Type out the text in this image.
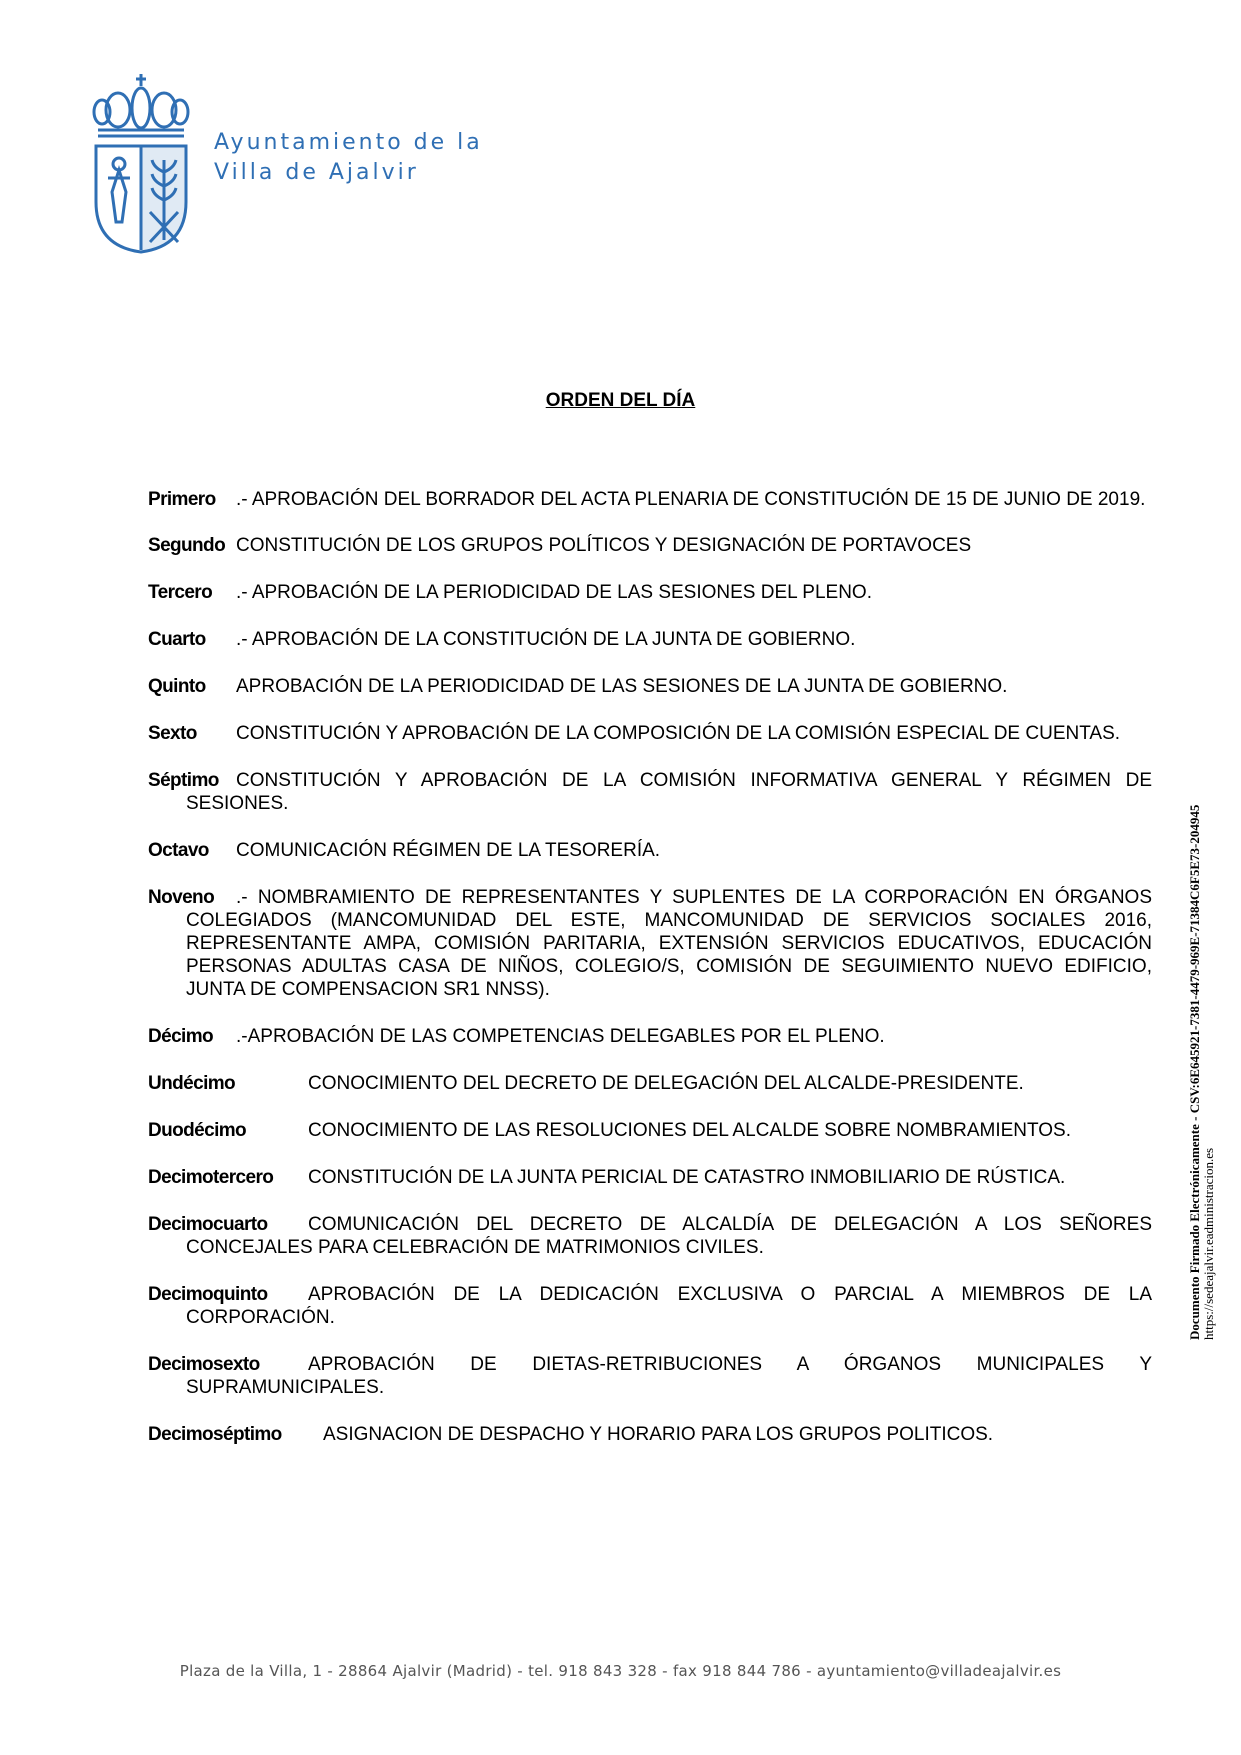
Ayuntamiento de la
Villa de Ajalvir
ORDEN DEL DÍA
Primero	.- APROBACIÓN DEL BORRADOR DEL ACTA PLENARIA DE CONSTITUCIÓN DE 15 DE JUNIO DE 2019.
Segundo CONSTITUCIÓN DE LOS GRUPOS POLÍTICOS Y DESIGNACIÓN DE PORTAVOCES
Tercero	.- APROBACIÓN DE LA PERIODICIDAD DE LAS SESIONES DEL PLENO.
Cuarto	.- APROBACIÓN DE LA CONSTITUCIÓN DE LA JUNTA DE GOBIERNO.
Quinto	APROBACIÓN DE LA PERIODICIDAD DE LAS SESIONES DE LA JUNTA DE GOBIERNO.
Sexto	CONSTITUCIÓN Y APROBACIÓN DE LA COMPOSICIÓN DE LA COMISIÓN ESPECIAL DE CUENTAS.
Séptimo CONSTITUCIÓN Y APROBACIÓN DE LA COMISIÓN INFORMATIVA GENERAL Y RÉGIMEN DE SESIONES.
Octavo	COMUNICACIÓN RÉGIMEN DE LA TESORERÍA.
Noveno	.- NOMBRAMIENTO DE REPRESENTANTES Y SUPLENTES DE LA CORPORACIÓN EN ÓRGANOS COLEGIADOS (MANCOMUNIDAD DEL ESTE, MANCOMUNIDAD DE SERVICIOS SOCIALES 2016, REPRESENTANTE AMPA, COMISIÓN PARITARIA, EXTENSIÓN SERVICIOS EDUCATIVOS, EDUCACIÓN PERSONAS ADULTAS CASA DE NIÑOS, COLEGIO/S, COMISIÓN DE SEGUIMIENTO NUEVO EDIFICIO, JUNTA DE COMPENSACION SR1 NNSS).
Décimo	.-APROBACIÓN DE LAS COMPETENCIAS DELEGABLES POR EL PLENO.
Undécimo	CONOCIMIENTO DEL DECRETO DE DELEGACIÓN DEL ALCALDE-PRESIDENTE.
Duodécimo	CONOCIMIENTO DE LAS RESOLUCIONES DEL ALCALDE SOBRE NOMBRAMIENTOS.
Decimotercero	CONSTITUCIÓN DE LA JUNTA PERICIAL DE CATASTRO INMOBILIARIO DE RÚSTICA.
Decimocuarto	COMUNICACIÓN DEL DECRETO DE ALCALDÍA DE DELEGACIÓN A LOS SEÑORES CONCEJALES PARA CELEBRACIÓN DE MATRIMONIOS CIVILES.
Decimoquinto	APROBACIÓN DE LA DEDICACIÓN EXCLUSIVA O PARCIAL A MIEMBROS DE LA CORPORACIÓN.
Decimosexto	APROBACIÓN DE DIETAS-RETRIBUCIONES A ÓRGANOS MUNICIPALES Y SUPRAMUNICIPALES.
Decimoséptimo	ASIGNACION DE DESPACHO Y HORARIO PARA LOS GRUPOS POLITICOS.
Documento Firmado Electrónicamente - CSV:6E645921-7381-4479-969E-71384C6F5E73-204945 https://sedeajalvir.eadministracion.es
Plaza de la Villa, 1 - 28864 Ajalvir (Madrid) - tel. 918 843 328 - fax 918 844 786 - ayuntamiento@villadeajalvir.es
